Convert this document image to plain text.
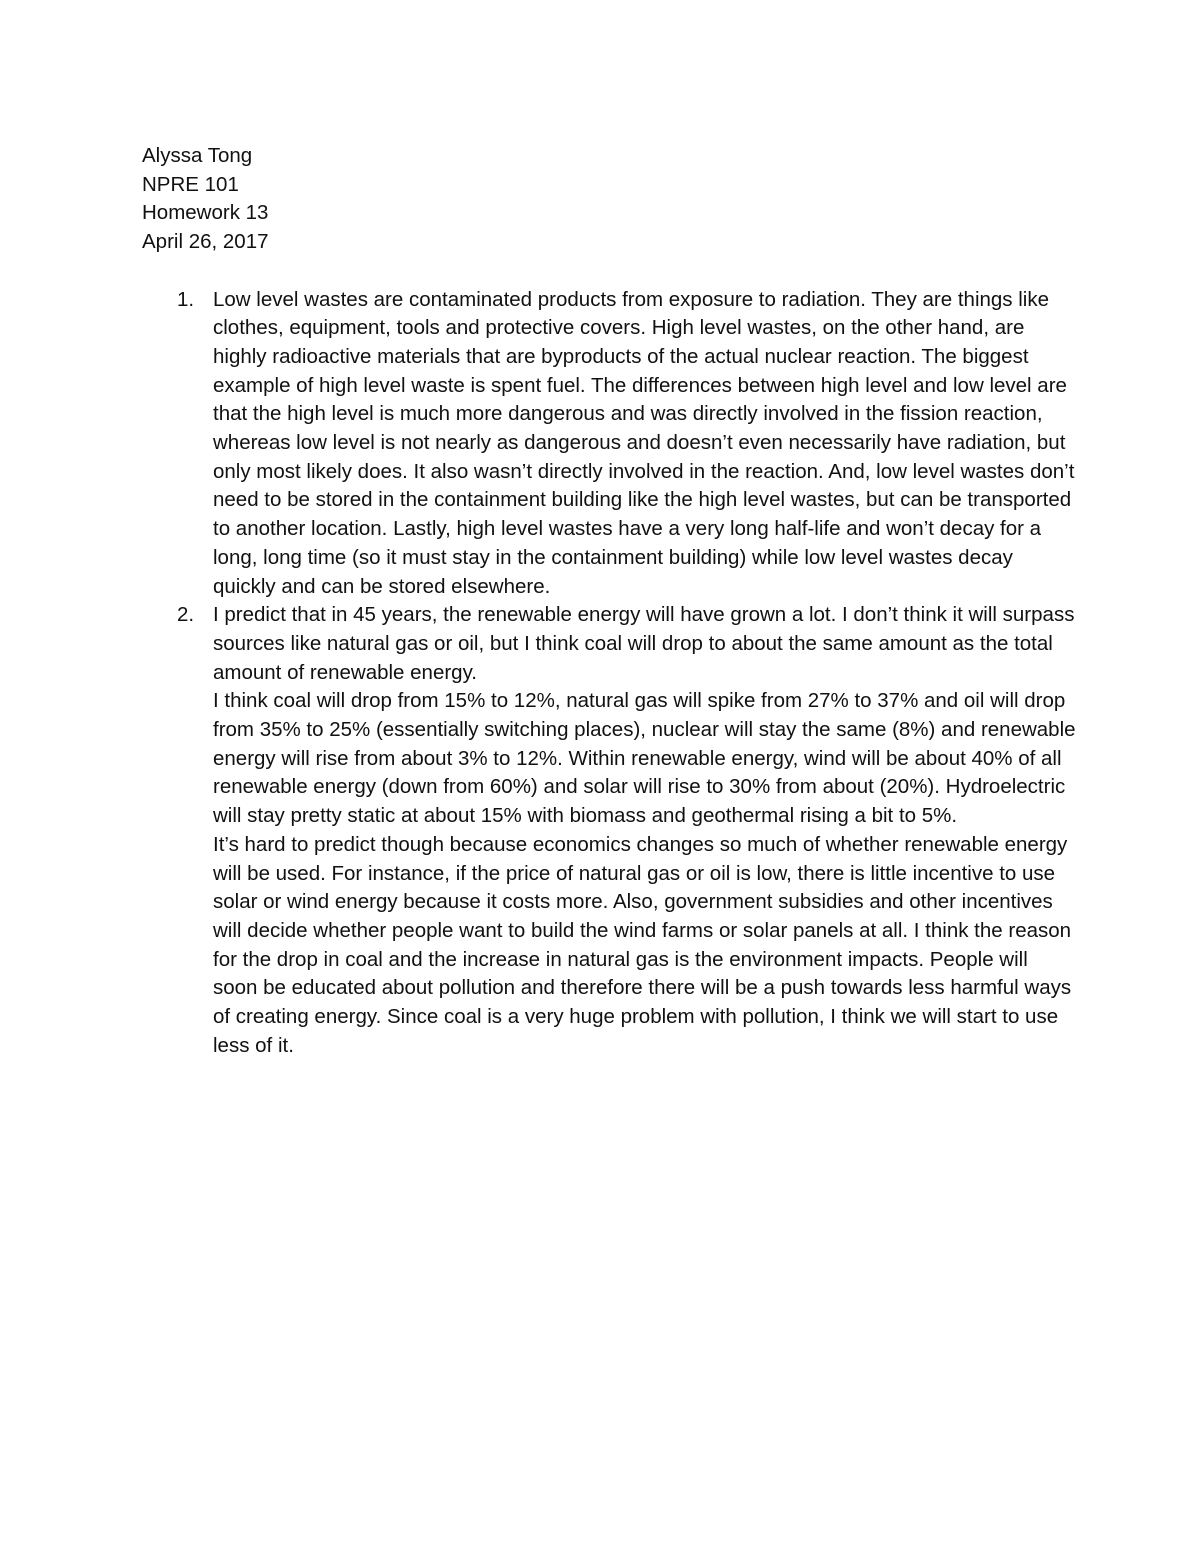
Alyssa Tong
NPRE 101
Homework 13
April 26, 2017
1. Low level wastes are contaminated products from exposure to radiation. They are things like clothes, equipment, tools and protective covers. High level wastes, on the other hand, are highly radioactive materials that are byproducts of the actual nuclear reaction. The biggest example of high level waste is spent fuel. The differences between high level and low level are that the high level is much more dangerous and was directly involved in the fission reaction, whereas low level is not nearly as dangerous and doesn’t even necessarily have radiation, but only most likely does. It also wasn’t directly involved in the reaction. And, low level wastes don’t need to be stored in the containment building like the high level wastes, but can be transported to another location. Lastly, high level wastes have a very long half-life and won’t decay for a long, long time (so it must stay in the containment building) while low level wastes decay quickly and can be stored elsewhere.
2. I predict that in 45 years, the renewable energy will have grown a lot. I don’t think it will surpass sources like natural gas or oil, but I think coal will drop to about the same amount as the total amount of renewable energy.
I think coal will drop from 15% to 12%, natural gas will spike from 27% to 37% and oil will drop from 35% to 25% (essentially switching places), nuclear will stay the same (8%) and renewable energy will rise from about 3% to 12%. Within renewable energy, wind will be about 40% of all renewable energy (down from 60%) and solar will rise to 30% from about (20%). Hydroelectric will stay pretty static at about 15% with biomass and geothermal rising a bit to 5%.
It’s hard to predict though because economics changes so much of whether renewable energy will be used. For instance, if the price of natural gas or oil is low, there is little incentive to use solar or wind energy because it costs more. Also, government subsidies and other incentives will decide whether people want to build the wind farms or solar panels at all. I think the reason for the drop in coal and the increase in natural gas is the environment impacts. People will soon be educated about pollution and therefore there will be a push towards less harmful ways of creating energy. Since coal is a very huge problem with pollution, I think we will start to use less of it.
